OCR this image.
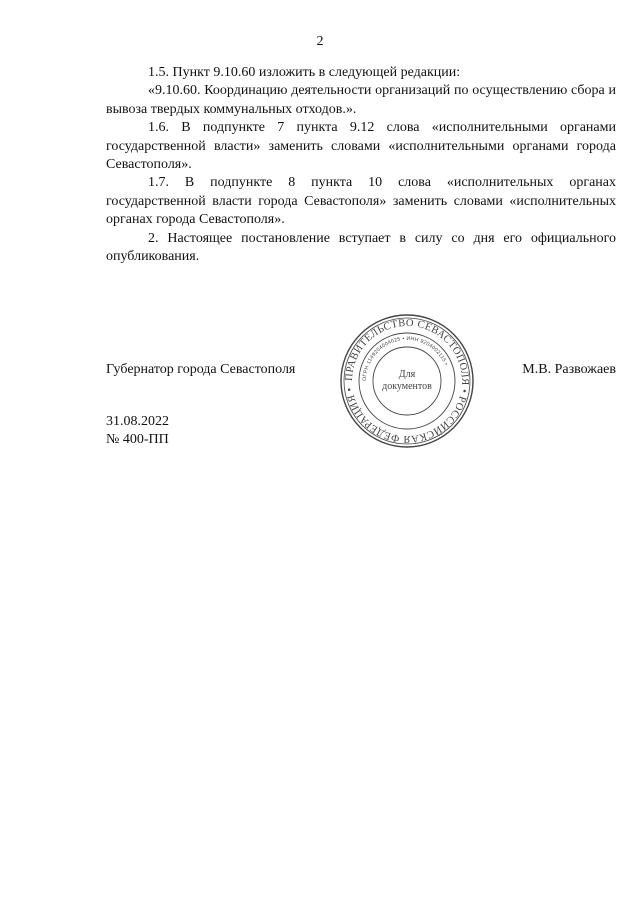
2

1.5. Пункт 9.10.60 изложить в следующей редакции:

«9.10.60. Координацию деятельности организаций по осуществлению сбора и вывоза твердых коммунальных отходов.».

1.6. В подпункте 7 пункта 9.12 слова «исполнительными органами государственной власти» заменить словами «исполнительными органами города Севастополя».

1.7. В подпункте 8 пункта 10 слова «исполнительных органах государственной власти города Севастополя» заменить словами «исполнительных органах города Севастополя».

2. Настоящее постановление вступает в силу со дня его официального опубликования.

Губернатор города Севастополя	М.В. Развожаев
ПРАВИТЕЛЬСТВО СЕВАСТОПОЛЯ • РОССИЙСКАЯ ФЕДЕРАЦИЯ •
ОГРН 1149204004025 • ИНН 9204002115 •
Для
документов
31.08.2022
№ 400-ПП
